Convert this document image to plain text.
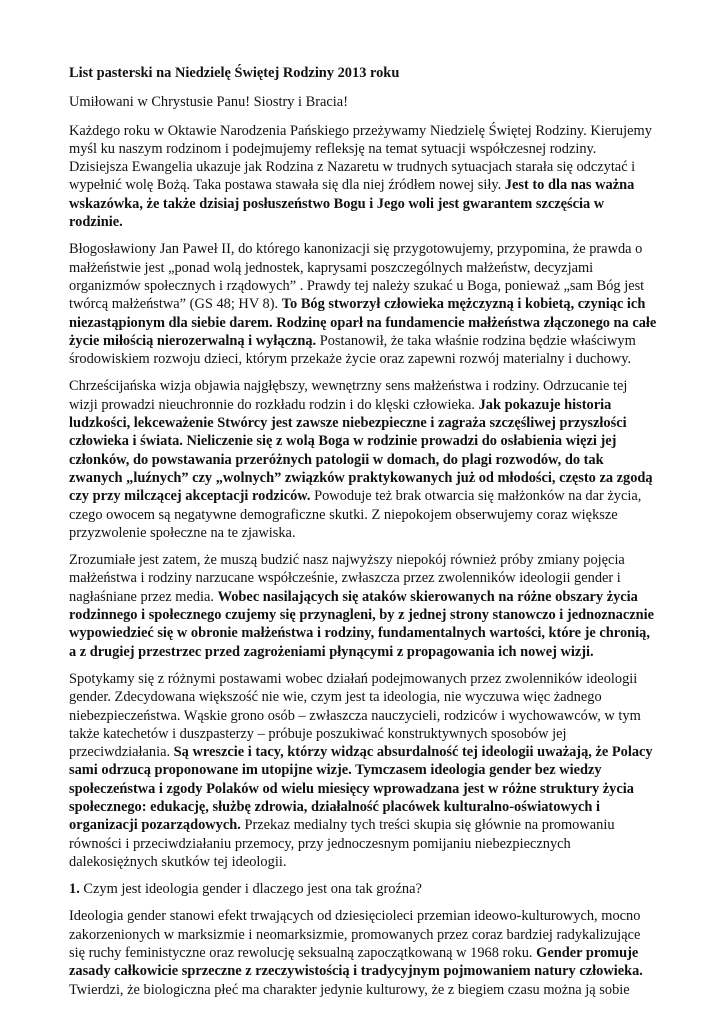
List pasterski na Niedzielę Świętej Rodziny 2013 roku

Umiłowani w Chrystusie Panu! Siostry i Bracia!

Każdego roku w Oktawie Narodzenia Pańskiego przeżywamy Niedzielę Świętej Rodziny. Kierujemy myśl ku naszym rodzinom i podejmujemy refleksję na temat sytuacji współczesnej rodziny. Dzisiejsza Ewangelia ukazuje jak Rodzina z Nazaretu w trudnych sytuacjach starała się odczytać i wypełnić wolę Bożą. Taka postawa stawała się dla niej źródłem nowej siły. Jest to dla nas ważna wskazówka, że także dzisiaj posłuszeństwo Bogu i Jego woli jest gwarantem szczęścia w rodzinie.

Błogosławiony Jan Paweł II, do którego kanonizacji się przygotowujemy, przypomina, że prawda o małżeństwie jest „ponad wolą jednostek, kaprysami poszczególnych małżeństw, decyzjami organizmów społecznych i rządowych” . Prawdy tej należy szukać u Boga, ponieważ „sam Bóg jest twórcą małżeństwa” (GS 48; HV 8). To Bóg stworzył człowieka mężczyzną i kobietą, czyniąc ich niezastąpionym dla siebie darem. Rodzinę oparł na fundamencie małżeństwa złączonego na całe życie miłością nierozerwalną i wyłączną. Postanowił, że taka właśnie rodzina będzie właściwym środowiskiem rozwoju dzieci, którym przekaże życie oraz zapewni rozwój materialny i duchowy.

Chrześcijańska wizja objawia najgłębszy, wewnętrzny sens małżeństwa i rodziny. Odrzucanie tej wizji prowadzi nieuchronnie do rozkładu rodzin i do klęski człowieka. Jak pokazuje historia ludzkości, lekceważenie Stwórcy jest zawsze niebezpieczne i zagraża szczęśliwej przyszłości człowieka i świata. Nieliczenie się z wolą Boga w rodzinie prowadzi do osłabienia więzi jej członków, do powstawania przeróżnych patologii w domach, do plagi rozwodów, do tak zwanych „luźnych” czy „wolnych” związków praktykowanych już od młodości, często za zgodą czy przy milczącej akceptacji rodziców. Powoduje też brak otwarcia się małżonków na dar życia, czego owocem są negatywne demograficzne skutki. Z niepokojem obserwujemy coraz większe przyzwolenie społeczne na te zjawiska.

Zrozumiałe jest zatem, że muszą budzić nasz najwyższy niepokój również próby zmiany pojęcia małżeństwa i rodziny narzucane współcześnie, zwłaszcza przez zwolenników ideologii gender i nagłaśniane przez media. Wobec nasilających się ataków skierowanych na różne obszary życia rodzinnego i społecznego czujemy się przynagleni, by z jednej strony stanowczo i jednoznacznie wypowiedzieć się w obronie małżeństwa i rodziny, fundamentalnych wartości, które je chronią, a z drugiej przestrzec przed zagrożeniami płynącymi z propagowania ich nowej wizji.

Spotykamy się z różnymi postawami wobec działań podejmowanych przez zwolenników ideologii gender. Zdecydowana większość nie wie, czym jest ta ideologia, nie wyczuwa więc żadnego niebezpieczeństwa. Wąskie grono osób – zwłaszcza nauczycieli, rodziców i wychowawców, w tym także katechetów i duszpasterzy – próbuje poszukiwać konstruktywnych sposobów jej przeciwdziałania. Są wreszcie i tacy, którzy widząc absurdalność tej ideologii uważają, że Polacy sami odrzucą proponowane im utopijne wizje. Tymczasem ideologia gender bez wiedzy społeczeństwa i zgody Polaków od wielu miesięcy wprowadzana jest w różne struktury życia społecznego: edukację, służbę zdrowia, działalność placówek kulturalno-oświatowych i organizacji pozarządowych. Przekaz medialny tych treści skupia się głównie na promowaniu równości i przeciwdziałaniu przemocy, przy jednoczesnym pomijaniu niebezpiecznych dalekosiężnych skutków tej ideologii.

1. Czym jest ideologia gender i dlaczego jest ona tak groźna?

Ideologia gender stanowi efekt trwających od dziesięcioleci przemian ideowo-kulturowych, mocno zakorzenionych w marksizmie i neomarksizmie, promowanych przez coraz bardziej radykalizujące się ruchy feministyczne oraz rewolucję seksualną zapoczątkowaną w 1968 roku. Gender promuje zasady całkowicie sprzeczne z rzeczywistością i tradycyjnym pojmowaniem natury człowieka. Twierdzi, że biologiczna płeć ma charakter jedynie kulturowy, że z biegiem czasu można ją sobie
